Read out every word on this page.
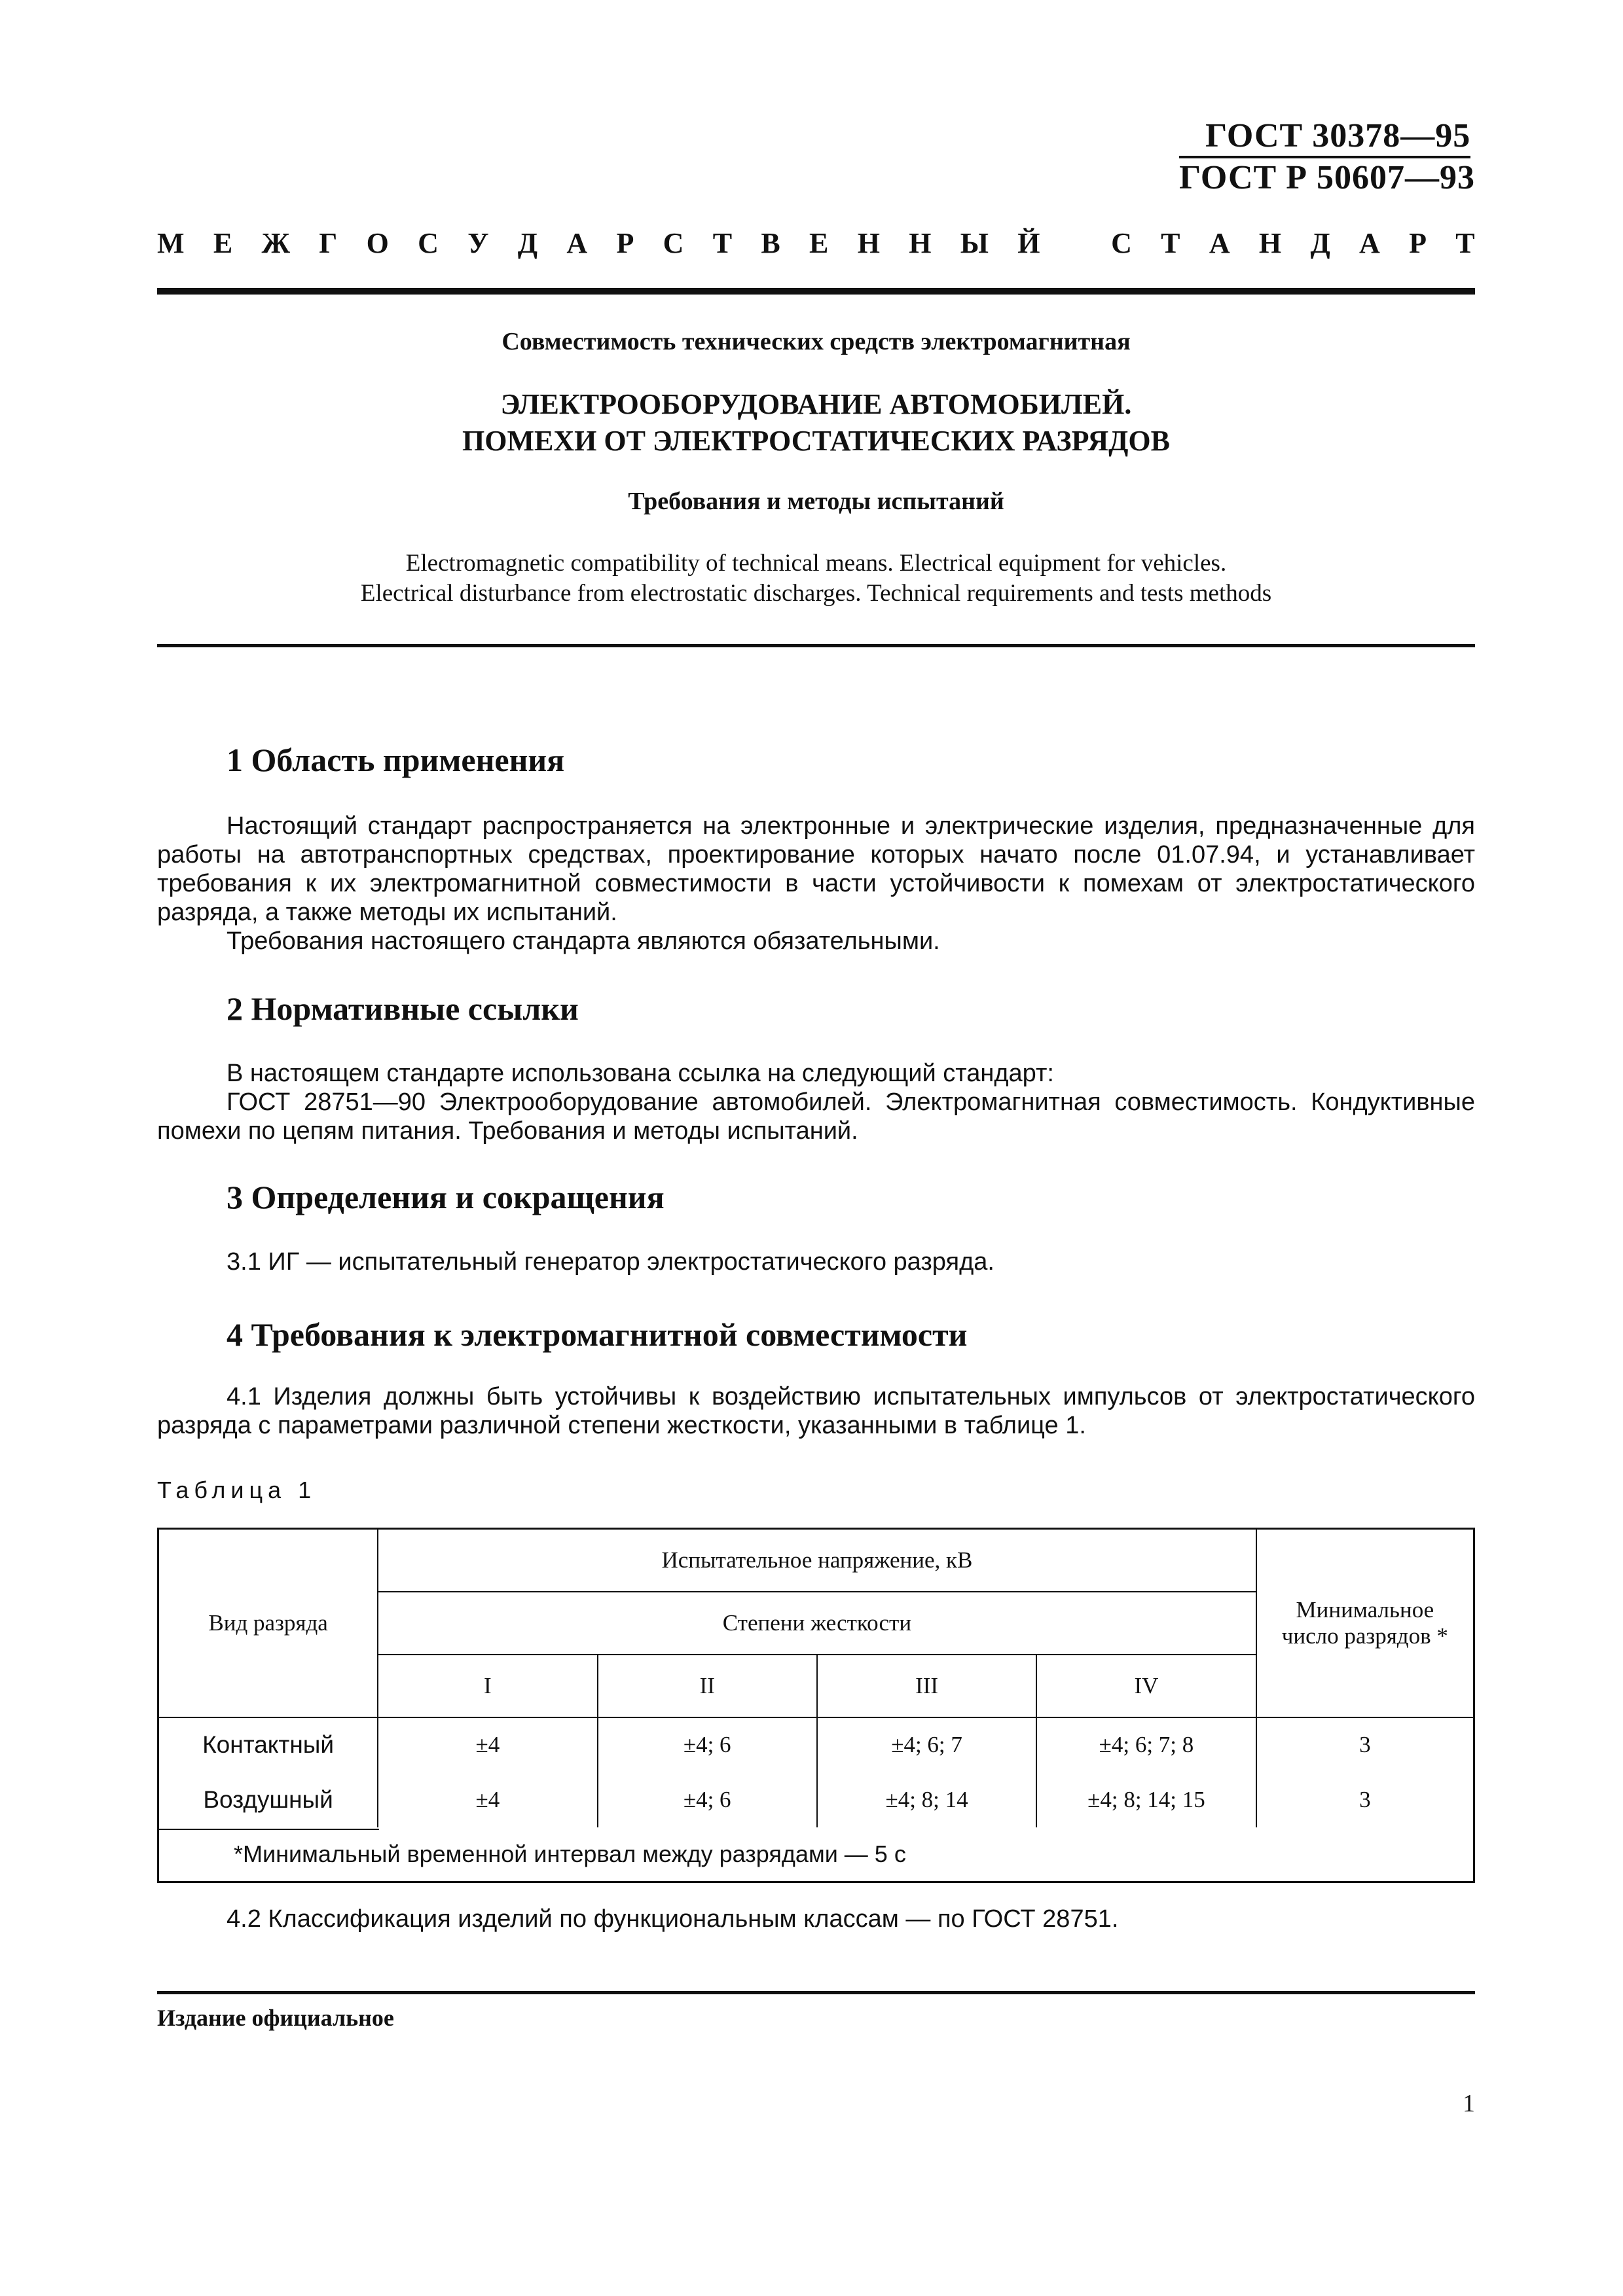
ГОСТ 30378—95
ГОСТ Р 50607—93
М Е Ж Г О С У Д А Р С Т В Е Н Н Ы Й С Т А Н Д А Р Т
Совместимость технических средств электромагнитная
ЭЛЕКТРООБОРУДОВАНИЕ АВТОМОБИЛЕЙ.
ПОМЕХИ ОТ ЭЛЕКТРОСТАТИЧЕСКИХ РАЗРЯДОВ
Требования и методы испытаний
Electromagnetic compatibility of technical means. Electrical equipment for vehicles.
Electrical disturbance from electrostatic discharges. Technical requirements and tests methods
1 Область применения
Настоящий стандарт распространяется на электронные и электрические изделия, предназначенные для работы на автотранспортных средствах, проектирование которых начато после 01.07.94, и устанавливает требования к их электромагнитной совместимости в части устойчивости к помехам от электростатического разряда, а также методы их испытаний.
Требования настоящего стандарта являются обязательными.
2 Нормативные ссылки
В настоящем стандарте использована ссылка на следующий стандарт:
ГОСТ 28751—90 Электрооборудование автомобилей. Электромагнитная совместимость. Кондуктивные помехи по цепям питания. Требования и методы испытаний.
3 Определения и сокращения
3.1 ИГ — испытательный генератор электростатического разряда.
4 Требования к электромагнитной совместимости
4.1 Изделия должны быть устойчивы к воздействию испытательных импульсов от электростатического разряда с параметрами различной степени жесткости, указанными в таблице 1.
Таблица 1
Вид разряда	Испытательное напряжение, кВ				Минимальное число разрядов *
	Степени жесткости				
	I	II	III	IV	
Контактный	±4	±4; 6	±4; 6; 7	±4; 6; 7; 8	3
Воздушный	±4	±4; 6	±4; 8; 14	±4; 8; 14; 15	3

*Минимальный временной интервал между разрядами — 5 с					
4.2 Классификация изделий по функциональным классам — по ГОСТ 28751.
Издание официальное
1
